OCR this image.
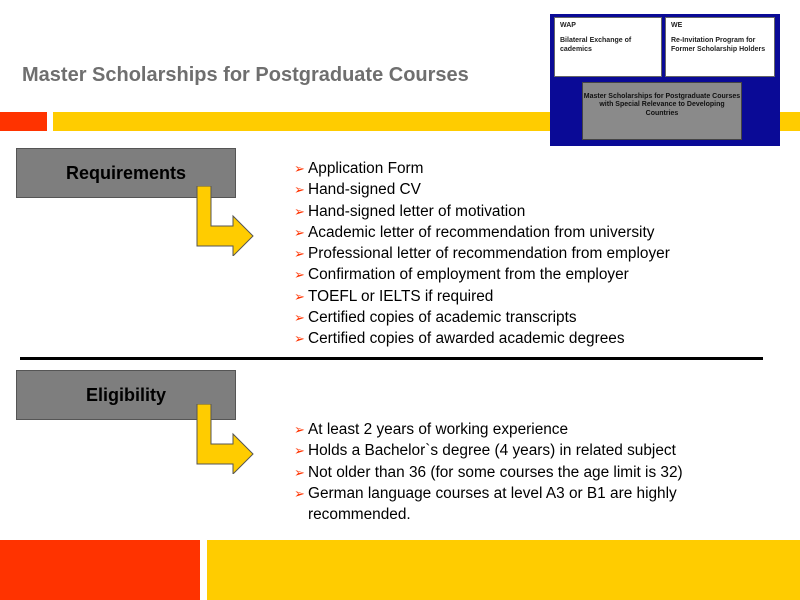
Master Scholarships for Postgraduate Courses
WAP
Bilateral Exchange of cademics
WE
Re-Invitation Program for Former Scholarship Holders
Master Scholarships for Postgraduate Courses with Special Relevance to Developing Countries
Requirements	➢ Application Form
➢ Hand-signed CV
➢ Hand-signed letter of motivation
➢ Academic letter of recommendation from university
➢ Professional letter of recommendation from employer
➢ Confirmation of employment from the employer
➢ TOEFL or IELTS if required
➢ Certified copies of academic transcripts
➢ Certified copies of awarded academic degrees
Eligibility
➢ At least 2 years of working experience
➢ Holds a Bachelor`s degree (4 years) in related subject
➢ Not older than 36 (for some courses the age limit is 32)
➢ German language courses at level A3 or B1 are highly recommended.
